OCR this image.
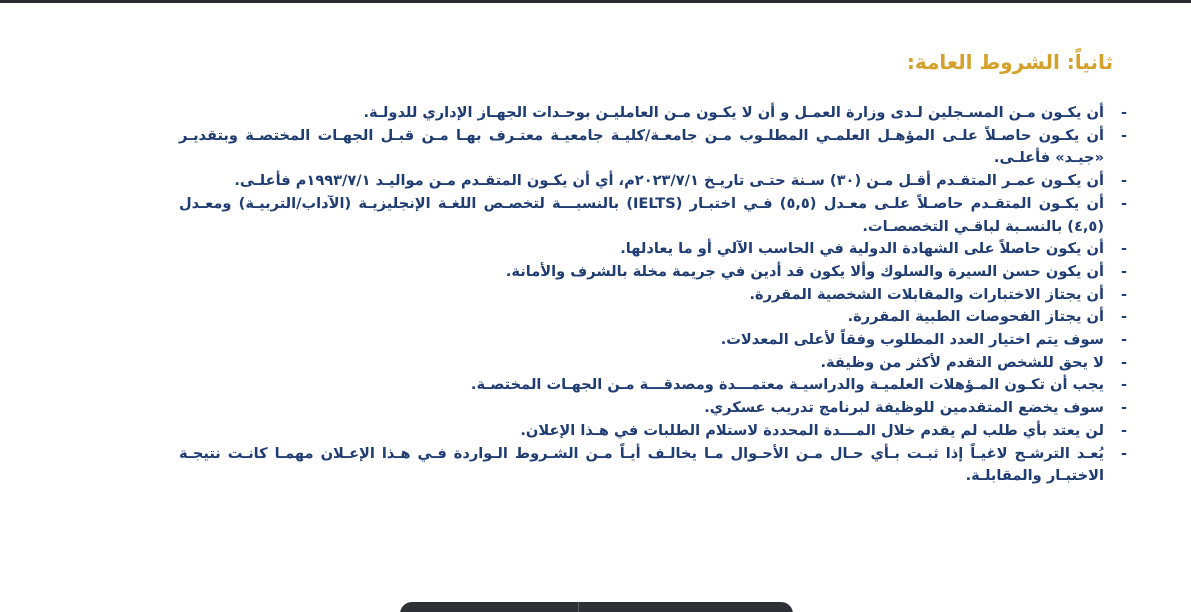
ثانياً: الشروط العامة:
-
أن يكـون مـن المسـجلين لـدى وزارة العمـل و أن لا يكـون مـن العامليـن بوحـدات الجهـاز الإداري للدولـة.
-
أن يكـون حاصـلاً علـى المؤهـل العلمـي المطلـوب مـن جامعـة/كليـة جامعيـة معتـرف بهـا مـن قبـل الجهـات المختصـة وبتقديـر «جيـد» فأعلـى.
-
أن يكـون عمـر المتقـدم أقـل مـن (٣٠) سـنة حتـى تاريـخ ٢٠٢٣/٧/١م، أي أن يكـون المتقـدم مـن مواليـد ١٩٩٣/٧/١م فأعلـى.
-
أن يكـون المتقـدم حاصـلاً علـى معـدل (٥,٥) فـي اختبـار (IELTS) بالنسبـــة لتخصـص اللغـة الإنجليزيـة (الآداب/التربيـة) ومعـدل (٤,٥) بالنسـبة لباقـي التخصصـات.
-
أن يكون حاصلاً على الشهادة الدولية في الحاسب الآلي أو ما يعادلها.
-
أن يكون حسن السيرة والسلوك وألا يكون قد أدين في جريمة مخلة بالشرف والأمانة.
-
أن يجتاز الاختبارات والمقابلات الشخصية المقررة.
-
أن يجتاز الفحوصات الطبية المقررة.
-
سوف يتم اختيار العدد المطلوب وفقاً لأعلى المعدلات.
-
لا يحق للشخص التقدم لأكثر من وظيفة.
-
يجب أن تكـون المـؤهلات العلميـة والدراسيـة معتمـــدة ومصدقـــة مـن الجهـات المختصـة.
-
سوف يخضع المتقدمين للوظيفة لبرنامج تدريب عسكري.
-
لن يعتد بأي طلب لم يقدم خلال المـــدة المحددة لاستلام الطلبات في هـذا الإعلان.
-
يُعـد الترشـح لاغيـاً إذا ثبـت بـأي حـال مـن الأحـوال مـا يخالـف أيـاً مـن الشـروط الـواردة فـي هـذا الإعـلان مهمـا كانـت نتيجـة الاختبـار والمقابلـة.
